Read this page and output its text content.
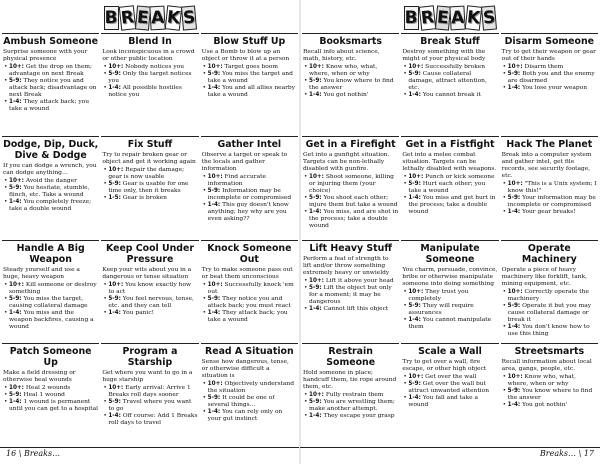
B R E A K S
Ambush Someone
Surprise someone with your physical presence
• 10+: Get the drop on them; advantage on next Break
• 5-9: They notice you and attack back; disadvantage on next Break
• 1-4: They attack back; you take a wound
Blend In
Look inconspicuous in a crowd or other public location
• 10+: Nobody notices you
• 5-9: Only the target notices you
• 1-4: All possible hostiles notice you
Blow Stuff Up
Use a Bomb to blow up an object or throw it at a person
• 10+: Target goes boom
• 5-9: You miss the target and take a wound
• 1-4: You and all allies nearby take a wound
Dodge, Dip, Duck, Dive & Dodge
If you can dodge a wrench, you can dodge anything…
• 10+: Avoid the danger
• 5-9: You hesitate, stumble, flinch, etc. Take a wound
• 1-4: You completely freeze; take a double wound
Fix Stuff
Try to repair broken gear or object and get it working again
• 10+: Repair the damage; gear is now usable
• 5-9: Gear is usable for one time only, then it breaks
• 1-5: Gear is broken
Gather Intel
Observe a target or speak to the locals and gather information
• 10+: Find accurate information
• 5-9: Information may be incomplete or compromised
• 1-4: This guy doesn't know anything; hey why are you even asking??
Handle A Big Weapon
Steady yourself and use a huge, heavy weapon
• 10+: Kill someone or destroy something
• 5-9: You miss the target, causing collateral damage
• 1-4: You miss and the weapon backfires, causing a wound
Keep Cool Under Pressure
Keep your wits about you in a dangerous or tense situation
• 10+: You know exactly how to act
• 5-9: You feel nervous, tense, etc. and they can tell
• 1-4: You panic!
Knock Someone Out
Try to make someone pass out or beat them unconscious
• 10+: Successfully knock 'em out
• 5-9: They notice you and attack back; you must react
• 1-4: They attack back; you take a wound
Patch Someone Up
Make a field dressing or otherwise heal wounds
• 10+: Heal 2 wounds
• 5-9: Heal 1 wound
• 1-4: 1 wound is permanent until you can get to a hospital
Program a Starship
Get where you want to go in a huge starship
• 10+: Early arrival: Arrive 1 Breaks roll days sooner
• 5-9: Travel where you want to go
• 1-4: Off course: Add 1 Breaks roll days to travel
Read A Situation
Sense how dangerous, tense, or otherwise difficult a situation is
• 10+: Objectively understand the situation
• 5-9: It could be one of several things…
• 1-4: You can rely only on your gut instinct
16 \ Breaks…
B R E A K S
Booksmarts
Recall info about science, math, history, etc.
• 10+: Know who, what, where, when or why
• 5-9: You know where to find the answer
• 1-4: You got nothin'
Break Stuff
Destroy something with the might of your physical body
• 10+: Successfully broken
• 5-9: Cause collateral damage, attract attention, etc.
• 1-4: You cannot break it
Disarm Someone
Try to get their weapon or gear out of their hands
• 10+: Disarm them
• 5-9: Both you and the enemy are disarmed
• 1-4: You lose your weapon
Get in a Firefight
Get into a gunfight situation. Targets can be non-lethally disabled with gunfire.
• 10+: Shoot someone, killing or injuring them (your choice)
• 5-9: You shoot each other; injure them but take a wound
• 1-4: You miss, and are shot in the process; take a double wound
Get in a Fistfight
Get into a melee combat situation. Targets can be lethally disabled with weapons.
• 10+: Punch or kick someone
• 5-9: Hurt each other; you take a wound
• 1-4: You miss and get hurt in the process; take a double wound
Hack The Planet
Break into a computer system and gather intel, get file records, see security footage, etc.
• 10+: "This is a Unix system; I know this!"
• 5-9: Your information may be incomplete or compromised
• 1-4: Your gear breaks!
Lift Heavy Stuff
Perform a feat of strength to lift and/or throw something extremely heavy or unwieldy
• 10+: Lift it above your head
• 5-9: Lift the object but only for a moment; it may be dangerous
• 1-4: Cannot lift this object
Manipulate Someone
You charm, persuade, convince, bribe or otherwise manipulate someone into doing something
• 10+: They trust you completely
• 5-9: They will require assurances
• 1-4: You cannot manipulate them
Operate Machinery
Operate a piece of heavy machinery like forklift, tank, mining equipment, etc.
• 10+: Correctly operate the machinery
• 5-9: Operate it but you may cause collateral damage or break it
• 1-4: You don't know how to use this thing
Restrain Someone
Hold someone in place; handcuff them, tie rope around them, etc.
• 10+: Fully restrain them
• 5-9: You are wrestling them; make another attempt.
• 1-4: They escape your grasp
Scale a Wall
Try to get over a wall, fire escape, or other high object
• 10+: Get over the wall
• 5-9: Get over the wall but attract unwanted attention
• 1-4: You fall and take a wound
Streetsmarts
Recall information about local area, gangs, people, etc.
• 10+: Know who, what, where, when or why
• 5-9: You know where to find the answer
• 1-4: You got nothin'
Breaks… \ 17
